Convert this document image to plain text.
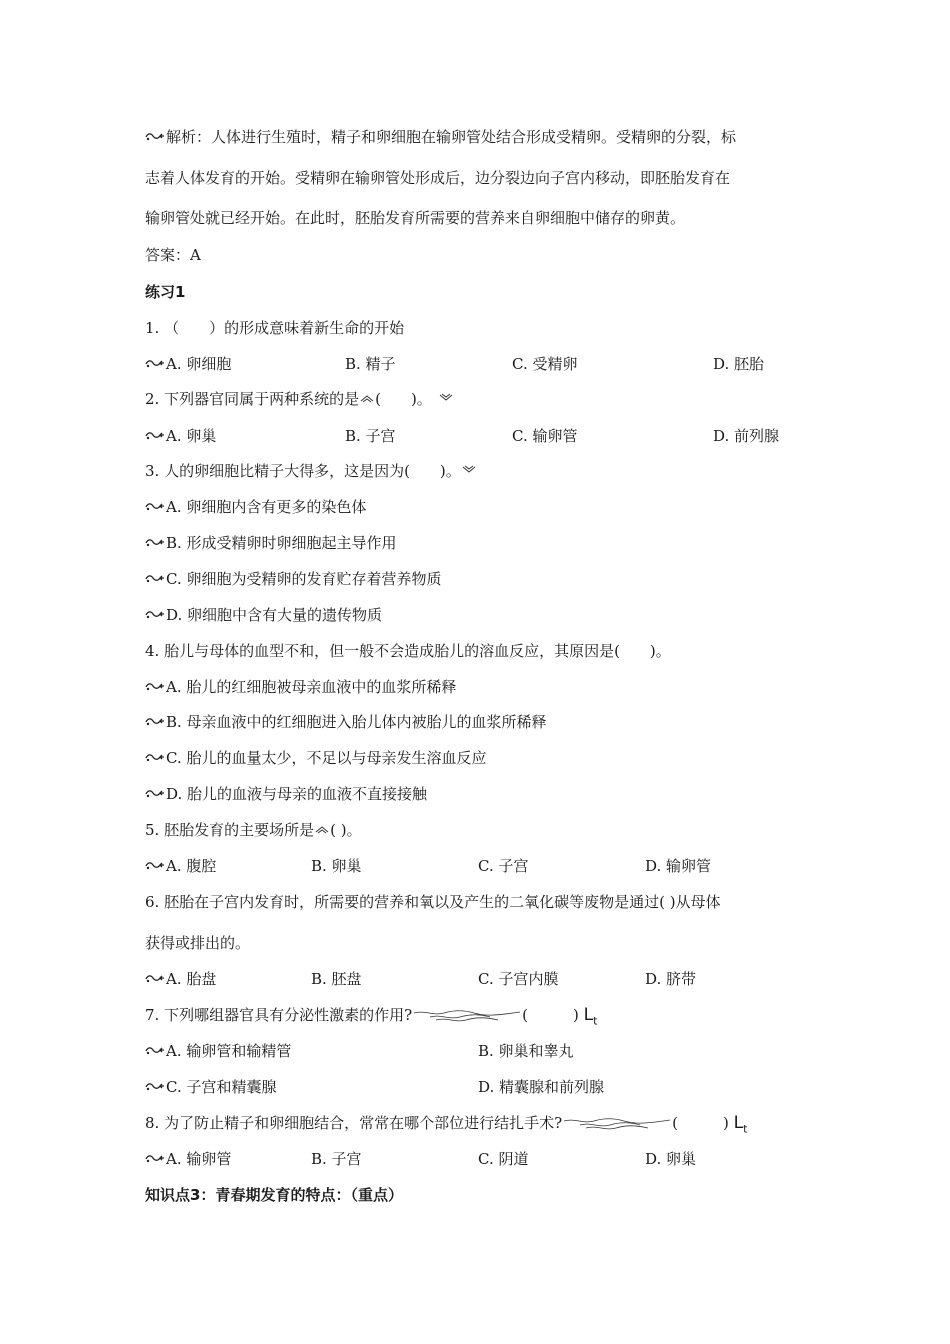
解析：人体进行生殖时，精子和卵细胞在输卵管处结合形成受精卵。受精卵的分裂，标
志着人体发育的开始。受精卵在输卵管处形成后，边分裂边向子宫内移动，即胚胎发育在
输卵管处就已经开始。在此时，胚胎发育所需要的营养来自卵细胞中储存的卵黄。
答案：A
练习1
1. （　　）的形成意味着新生命的开始
A. 卵细胞	B. 精子	C. 受精卵	D. 胚胎
2. 下列器官同属于两种系统的是 (　　)。
A. 卵巢	B. 子宫	C. 输卵管	D. 前列腺
3. 人的卵细胞比精子大得多，这是因为(　　)。
A. 卵细胞内含有更多的染色体
B. 形成受精卵时卵细胞起主导作用
C. 卵细胞为受精卵的发育贮存着营养物质
D. 卵细胞中含有大量的遗传物质
4. 胎儿与母体的血型不和，但一般不会造成胎儿的溶血反应，其原因是(　　)。
A. 胎儿的红细胞被母亲血液中的血浆所稀释
B. 母亲血液中的红细胞进入胎儿体内被胎儿的血浆所稀释
C. 胎儿的血量太少，不足以与母亲发生溶血反应
D. 胎儿的血液与母亲的血液不直接接触
5. 胚胎发育的主要场所是 ( )。
A. 腹腔	B. 卵巢	C. 子宫	D. 输卵管
6. 胚胎在子宫内发育时，所需要的营养和氧以及产生的二氧化碳等废物是通过( )从母体
获得或排出的。
A. 胎盘	B. 胚盘	C. 子宫内膜	D. 脐带
7. 下列哪组器官具有分泌性激素的作用?	(　　　) $L_t$
A. 输卵管和输精管	B. 卵巢和睾丸
C. 子宫和精囊腺	D. 精囊腺和前列腺
8. 为了防止精子和卵细胞结合，常常在哪个部位进行结扎手术?	(　　　) $L_t$
A. 输卵管	B. 子宫	C. 阴道	D. 卵巢
知识点3：青春期发育的特点：（重点）
